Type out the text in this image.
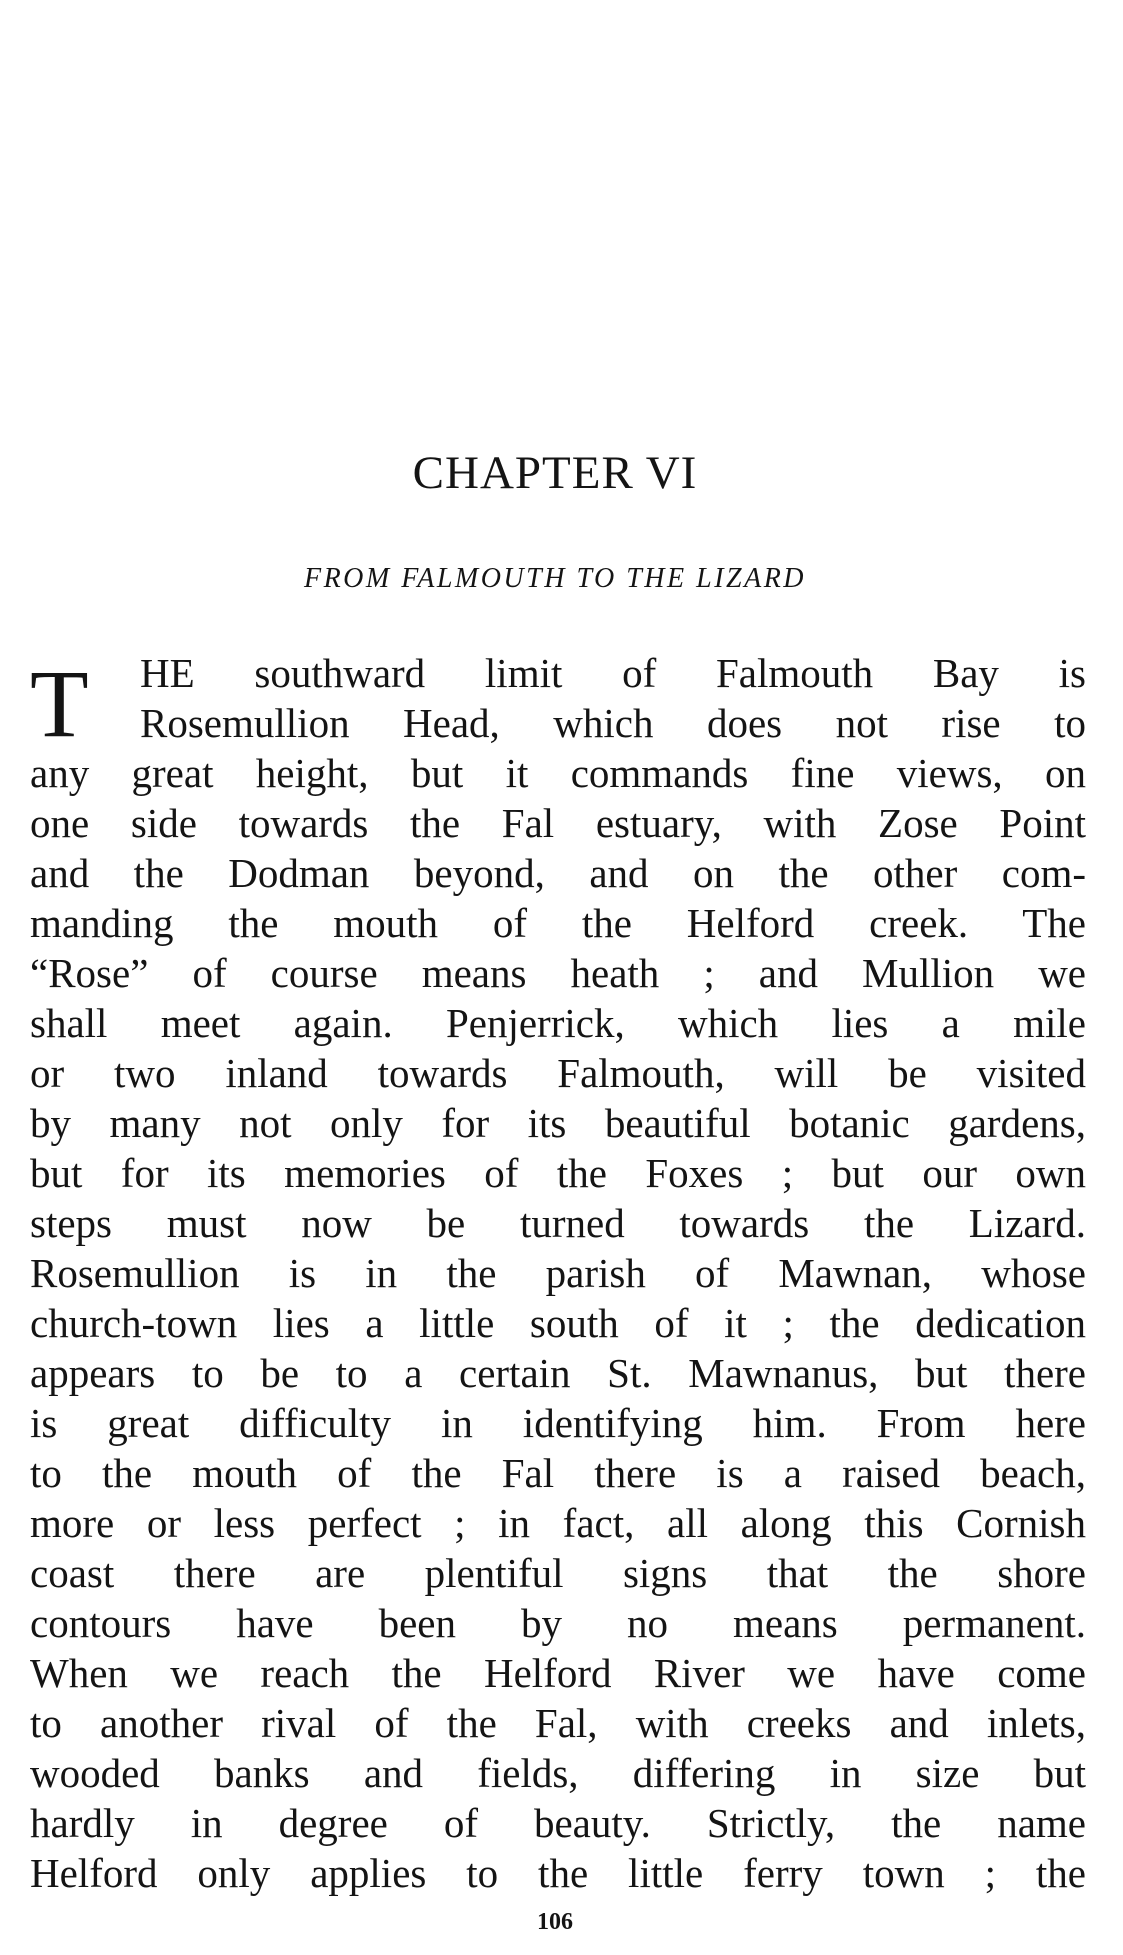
CHAPTER VI
FROM FALMOUTH TO THE LIZARD
T HE southward limit of Falmouth Bay is
Rosemullion Head, which does not rise to
any great height, but it commands fine views, on
one side towards the Fal estuary, with Zose Point
and the Dodman beyond, and on the other com-
manding the mouth of the Helford creek. The
“Rose” of course means heath ; and Mullion we
shall meet again. Penjerrick, which lies a mile
or two inland towards Falmouth, will be visited
by many not only for its beautiful botanic gardens,
but for its memories of the Foxes ; but our own
steps must now be turned towards the Lizard.
Rosemullion is in the parish of Mawnan, whose
church-town lies a little south of it ; the dedication
appears to be to a certain St. Mawnanus, but there
is great difficulty in identifying him. From here
to the mouth of the Fal there is a raised beach,
more or less perfect ; in fact, all along this Cornish
coast there are plentiful signs that the shore
contours have been by no means permanent.
When we reach the Helford River we have come
to another rival of the Fal, with creeks and inlets,
wooded banks and fields, differing in size but
hardly in degree of beauty. Strictly, the name
Helford only applies to the little ferry town ; the
106
